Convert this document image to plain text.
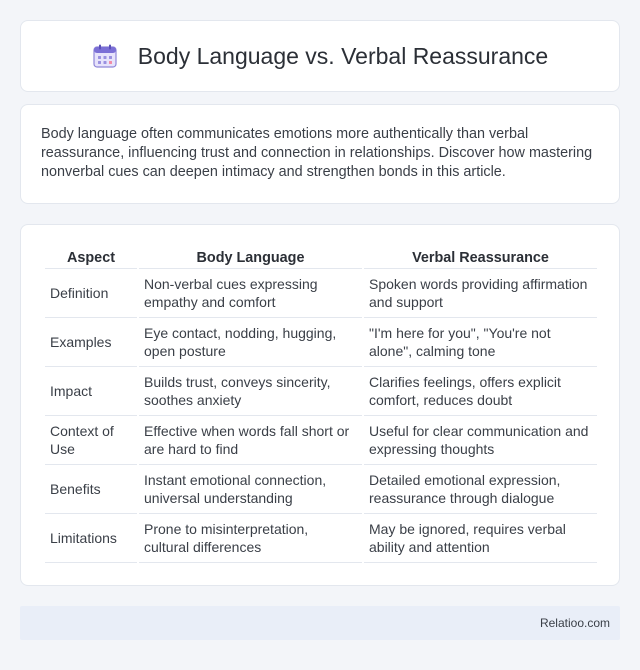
Body Language vs. Verbal Reassurance

Body language often communicates emotions more authentically than verbal reassurance, influencing trust and connection in relationships. Discover how mastering nonverbal cues can deepen intimacy and strengthen bonds in this article.

Aspect	Body Language	Verbal Reassurance
Definition	Non-verbal cues expressing empathy and comfort	Spoken words providing affirmation and support
Examples	Eye contact, nodding, hugging, open posture	"I'm here for you", "You're not alone", calming tone
Impact	Builds trust, conveys sincerity, soothes anxiety	Clarifies feelings, offers explicit comfort, reduces doubt
Context of Use	Effective when words fall short or are hard to find	Useful for clear communication and expressing thoughts
Benefits	Instant emotional connection, universal understanding	Detailed emotional expression, reassurance through dialogue
Limitations	Prone to misinterpretation, cultural differences	May be ignored, requires verbal ability and attention
Relatioo.com
